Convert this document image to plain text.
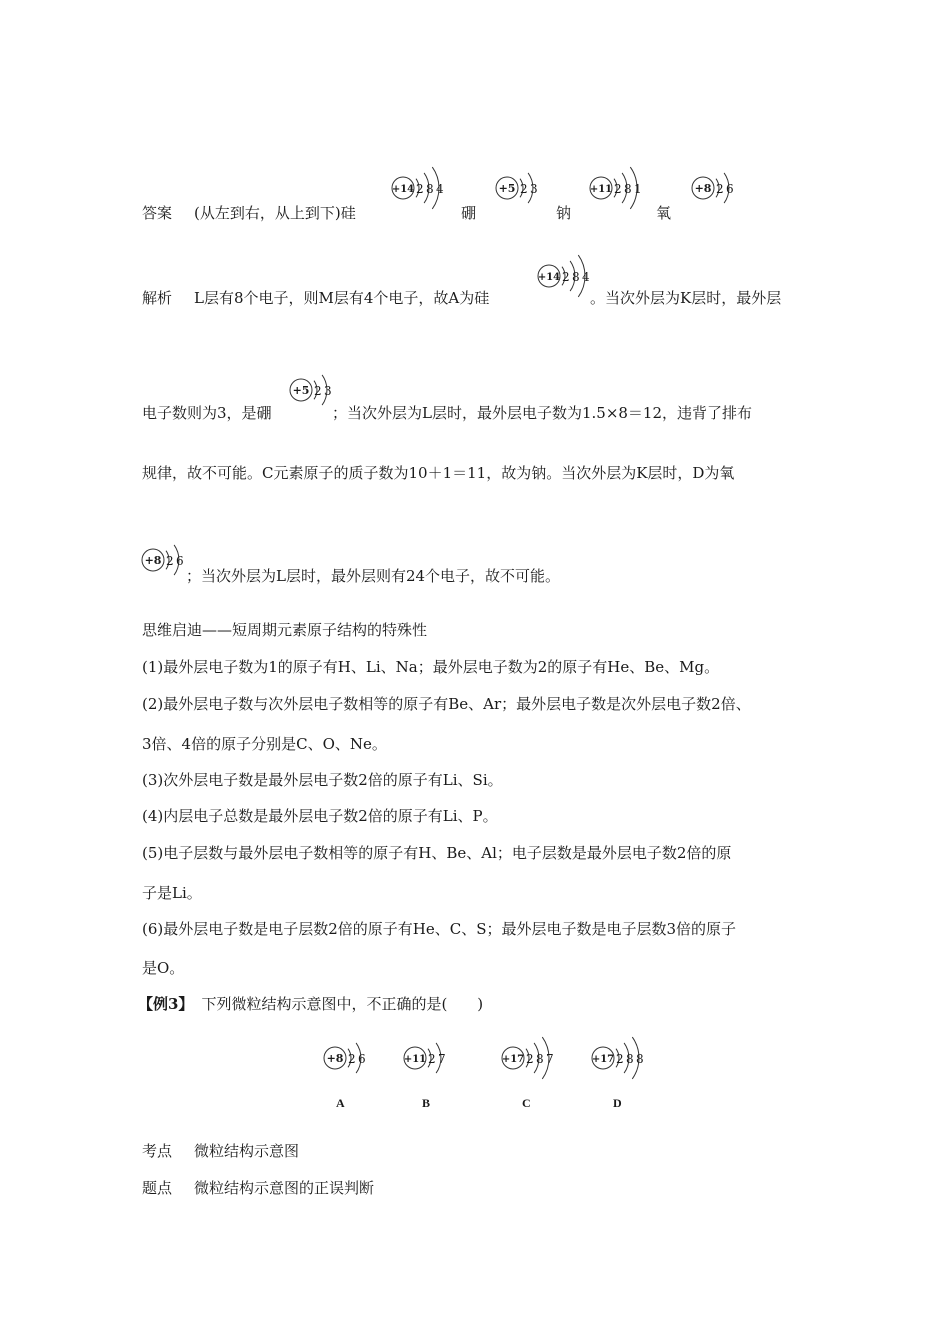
答案 (从左到右，从上到下)硅
+14 2 8 4
硼
+5 2 3
钠
+11 2 8 1
氧
+8 2 6
解析 L层有8个电子，则M层有4个电子，故A为硅
+14 2 8 4
。当次外层为K层时，最外层
电子数则为3，是硼
+5 2 3
；当次外层为L层时，最外层电子数为1.5×8＝12，违背了排布
规律，故不可能。C元素原子的质子数为10＋1＝11，故为钠。当次外层为K层时，D为氧
+8 2 6
；当次外层为L层时，最外层则有24个电子，故不可能。
思维启迪——短周期元素原子结构的特殊性
(1)最外层电子数为1的原子有H、Li、Na；最外层电子数为2的原子有He、Be、Mg。
(2)最外层电子数与次外层电子数相等的原子有Be、Ar；最外层电子数是次外层电子数2倍、
3倍、4倍的原子分别是C、O、Ne。
(3)次外层电子数是最外层电子数2倍的原子有Li、Si。
(4)内层电子总数是最外层电子数2倍的原子有Li、P。
(5)电子层数与最外层电子数相等的原子有H、Be、Al；电子层数是最外层电子数2倍的原
子是Li。
(6)最外层电子数是电子层数2倍的原子有He、C、S；最外层电子数是电子层数3倍的原子
是O。
【例3】 下列微粒结构示意图中，不正确的是(　　)
+8 2 6	+11 2 7	+17 2 8 7	+17 2 8 8
A	B	C	D
考点 微粒结构示意图
题点 微粒结构示意图的正误判断
